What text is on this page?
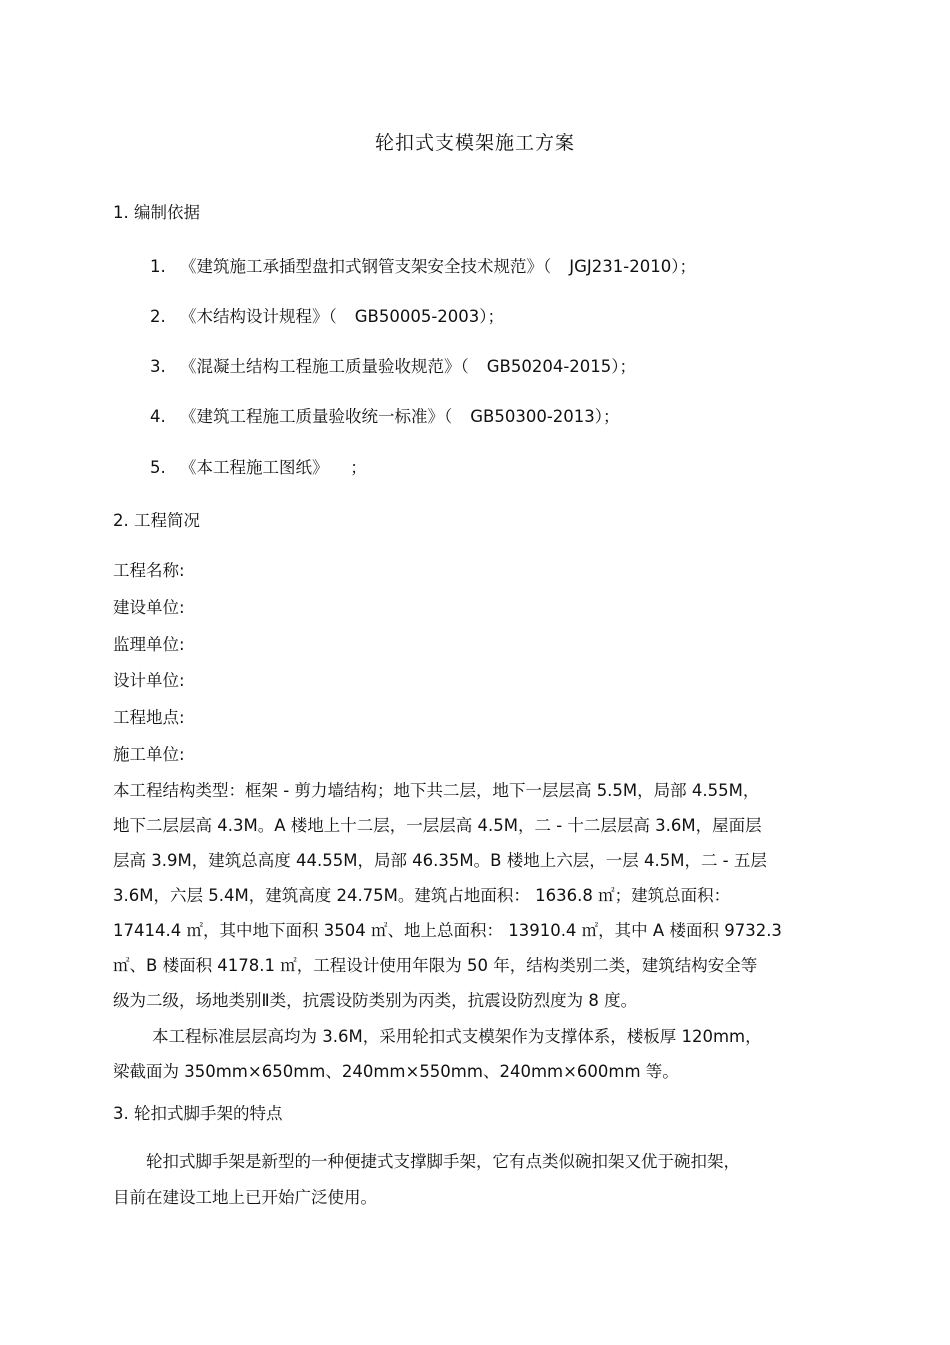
轮扣式支模架施工方案
1. 编制依据
1. 《建筑施工承插型盘扣式钢管支架安全技术规范》（ JGJ231-2010）；
2. 《木结构设计规程》（ GB50005-2003）；
3. 《混凝土结构工程施工质量验收规范》（ GB50204-2015）；
4. 《建筑工程施工质量验收统一标准》（ GB50300-2013）；
5. 《本工程施工图纸》 ；
2. 工程简况
工程名称:
建设单位:
监理单位:
设计单位:
工程地点:
施工单位:
本工程结构类型：框架 - 剪力墙结构；地下共二层，地下一层层高 5.5M，局部 4.55M，
地下二层层高 4.3M。A 楼地上十二层，一层层高 4.5M，二 - 十二层层高 3.6M，屋面层
层高 3.9M，建筑总高度 44.55M，局部 46.35M。B 楼地上六层，一层 4.5M，二 - 五层
3.6M，六层 5.4M，建筑高度 24.75M。建筑占地面积： 1636.8 ㎡；建筑总面积：
17414.4 ㎡，其中地下面积 3504 ㎡、地上总面积： 13910.4 ㎡，其中 A 楼面积 9732.3
㎡、B 楼面积 4178.1 ㎡，工程设计使用年限为 50 年，结构类别二类，建筑结构安全等
级为二级，场地类别Ⅱ类，抗震设防类别为丙类，抗震设防烈度为 8 度。
本工程标准层层高均为 3.6M，采用轮扣式支模架作为支撑体系，楼板厚 120mm，
梁截面为 350mm×650mm、240mm×550mm、240mm×600mm 等。
3. 轮扣式脚手架的特点
轮扣式脚手架是新型的一种便捷式支撑脚手架，它有点类似碗扣架又优于碗扣架，
目前在建设工地上已开始广泛使用。
